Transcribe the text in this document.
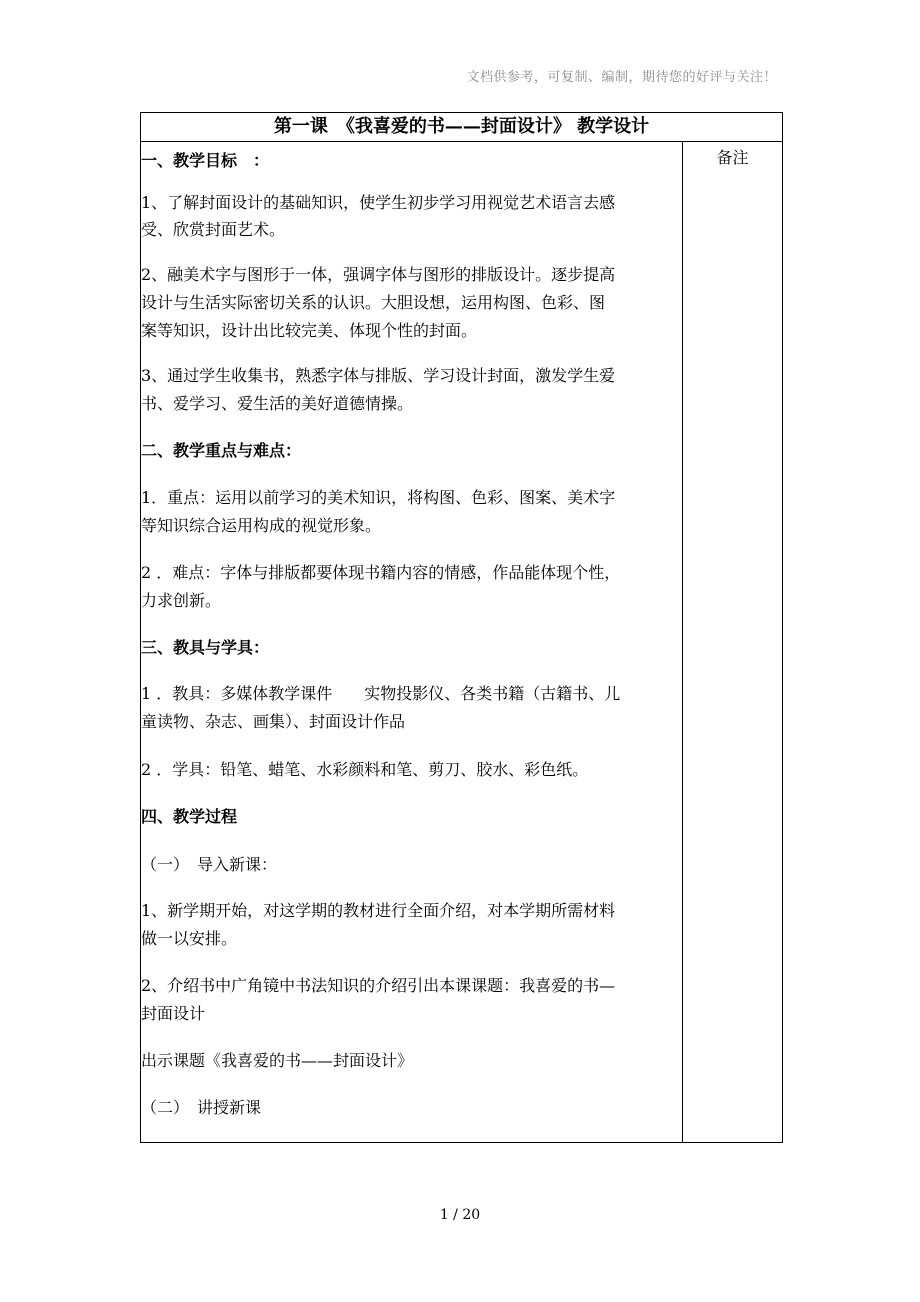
文档供参考，可复制、编制，期待您的好评与关注！
第一课　《我喜爱的书——封面设计》 教学设计
一、教学目标　：
1、了解封面设计的基础知识，使学生初步学习用视觉艺术语言去感
受、欣赏封面艺术。
2、融美术字与图形于一体，强调字体与图形的排版设计。逐步提高
设计与生活实际密切关系的认识。大胆设想，运用构图、色彩、图
案等知识，设计出比较完美、体现个性的封面。
3、通过学生收集书，熟悉字体与排版、学习设计封面，激发学生爱
书、爱学习、爱生活的美好道德情操。
二、教学重点与难点：
1．重点：运用以前学习的美术知识，将构图、色彩、图案、美术字
等知识综合运用构成的视觉形象。
2 ．难点：字体与排版都要体现书籍内容的情感，作品能体现个性，
力求创新。
三、教具与学具：
1 ．教具：多媒体教学课件　　实物投影仪、各类书籍（古籍书、儿
童读物、杂志、画集）、封面设计作品
2 ．学具：铅笔、蜡笔、水彩颜料和笔、剪刀、胶水、彩色纸。
四、教学过程
（一）　导入新课：
1、新学期开始，对这学期的教材进行全面介绍，对本学期所需材料
做一以安排。
2、介绍书中广角镜中书法知识的介绍引出本课课题：我喜爱的书—
封面设计
出示课题《我喜爱的书——封面设计》
（二）　讲授新课
备注
1 / 20
